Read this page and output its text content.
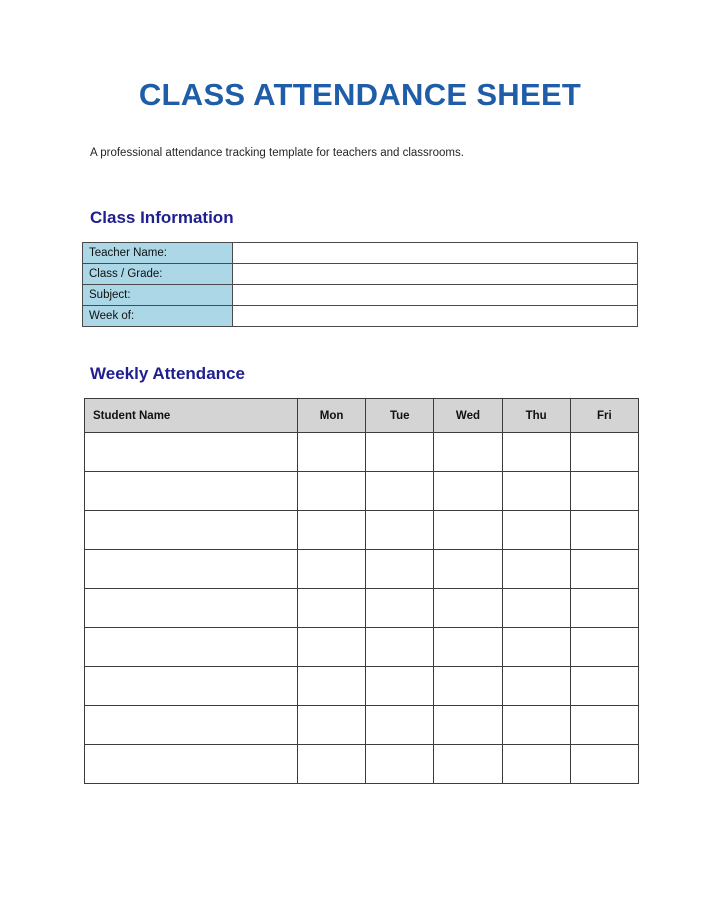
CLASS ATTENDANCE SHEET

A professional attendance tracking template for teachers and classrooms.

Class Information
Teacher Name:	
Class / Grade:	
Subject:	
Week of:	
Weekly Attendance
Student Name	Mon	Tue	Wed	Thu	Fri
